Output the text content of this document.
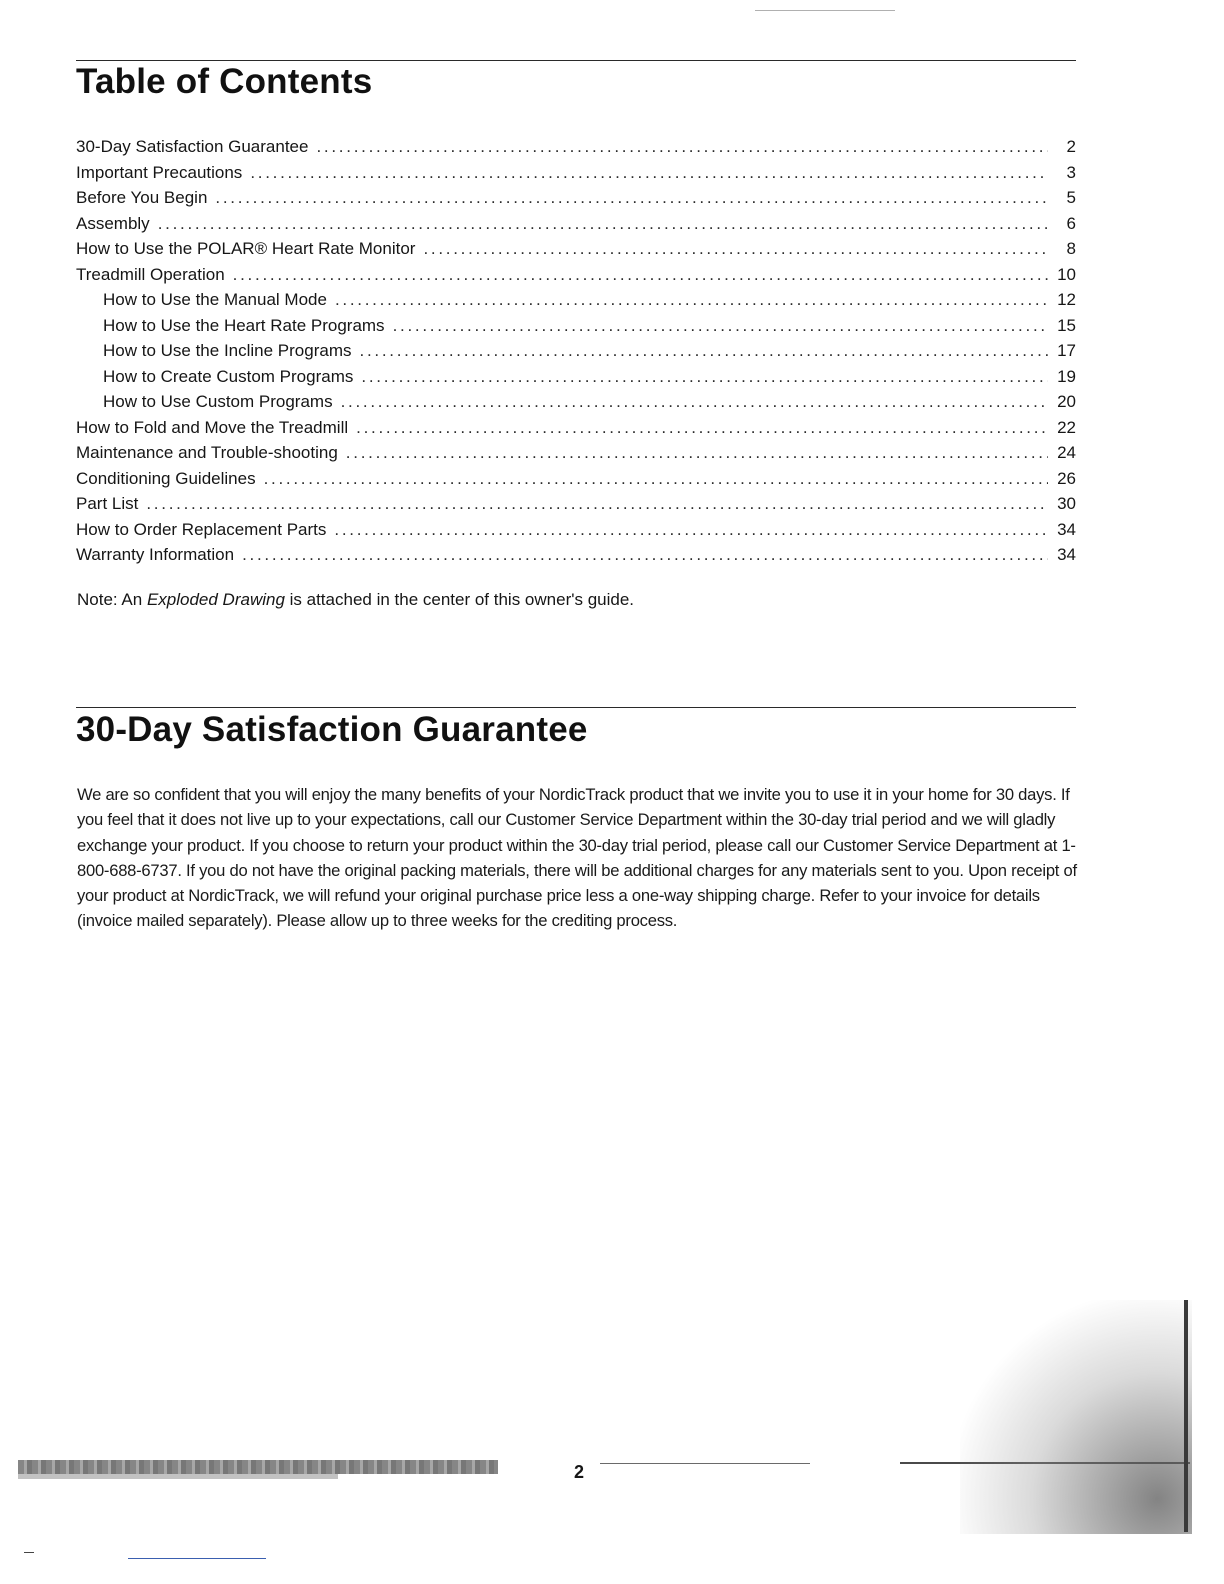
Table of Contents
30-Day Satisfaction Guarantee . . .	2
Important Precautions . . .	3
Before You Begin . . .	5
Assembly . . .	6
How to Use the POLAR® Heart Rate Monitor . . .	8
Treadmill Operation . . .	10
How to Use the Manual Mode . . .	12
How to Use the Heart Rate Programs . . .	15
How to Use the Incline Programs . . .	17
How to Create Custom Programs . . .	19
How to Use Custom Programs . . .	20
How to Fold and Move the Treadmill . . .	22
Maintenance and Trouble-shooting . . .	24
Conditioning Guidelines . . .	26
Part List . . .	30
How to Order Replacement Parts . . .	34
Warranty Information . . .	34

Note: An Exploded Drawing is attached in the center of this owner's guide.

30-Day Satisfaction Guarantee

We are so confident that you will enjoy the many benefits of your NordicTrack product that we invite you to use it in your home for 30 days. If you feel that it does not live up to your expectations, call our Customer Service Department within the 30-day trial period and we will gladly exchange your product. If you choose to return your product within the 30-day trial period, please call our Customer Service Department at 1-800-688-6737. If you do not have the original packing materials, there will be additional charges for any materials sent to you. Upon receipt of your product at NordicTrack, we will refund your original purchase price less a one-way shipping charge. Refer to your invoice for details (invoice mailed separately). Please allow up to three weeks for the crediting process.

2
